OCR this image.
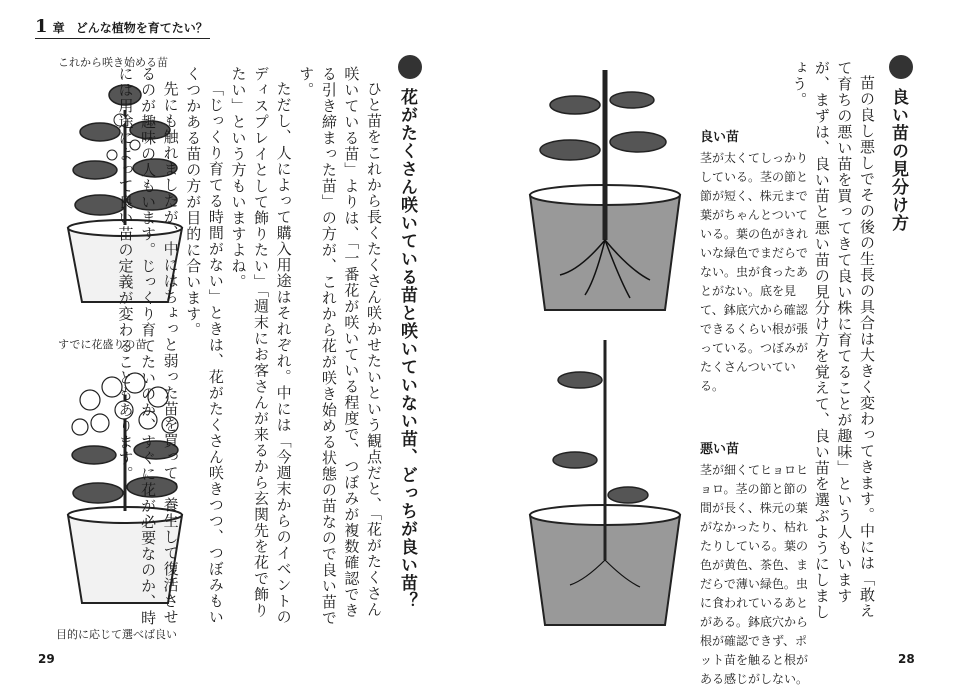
1 章 どんな植物を育てたい？
これから咲き始める苗
すでに花盛りの苗
目的に応じて選べば良い
花がたくさん咲いている苗と咲いていない苗、どっちが良い苗？

ひと苗をこれから長くたくさん咲かせたいという観点だと、「花がたくさん咲いている苗」よりは、「一番花が咲いている程度で、つぼみが複数確認できる引き締まった苗」の方が、これから花が咲き始める状態の苗なので良い苗です。

ただし、人によって購入用途はそれぞれ。中には「今週末からのイベントのディスプレイとして飾りたい」「週末にお客さんが来るから玄関先を花で飾りたい」という方もいますよね。

「じっくり育てる時間がない」ときは、花がたくさん咲きつつ、つぼみもいくつかある苗の方が目的に合います。

先にも触れましたが、中にはちょっと弱った苗を買って、養生して復活させるのが趣味の人もいます。じっくり育てたいのか、すぐに花が必要なのか、時には用途によって良い苗の定義が変わることもあります。

29
良い苗
茎が太くてしっかりしている。茎の節と節が短く、株元まで葉がちゃんとついている。葉の色がきれいな緑色でまだらでない。虫が食ったあとがない。底を見て、鉢底穴から確認できるくらい根が張っている。つぼみがたくさんついている。
悪い苗
茎が細くてヒョロヒョロ。茎の節と節の間が長く、株元の葉がなかったり、枯れたりしている。葉の色が黄色、茶色、まだらで薄い緑色。虫に食われているあとがある。鉢底穴から根が確認できず、ポット苗を触ると根がある感じがしない。
良い苗の見分け方

苗の良し悪しでその後の生長の具合は大きく変わってきます。中には「敢えて育ちの悪い苗を買ってきて良い株に育てることが趣味」という人もいますが、まずは、良い苗と悪い苗の見分け方を覚えて、良い苗を選ぶようにしましょう。

28
